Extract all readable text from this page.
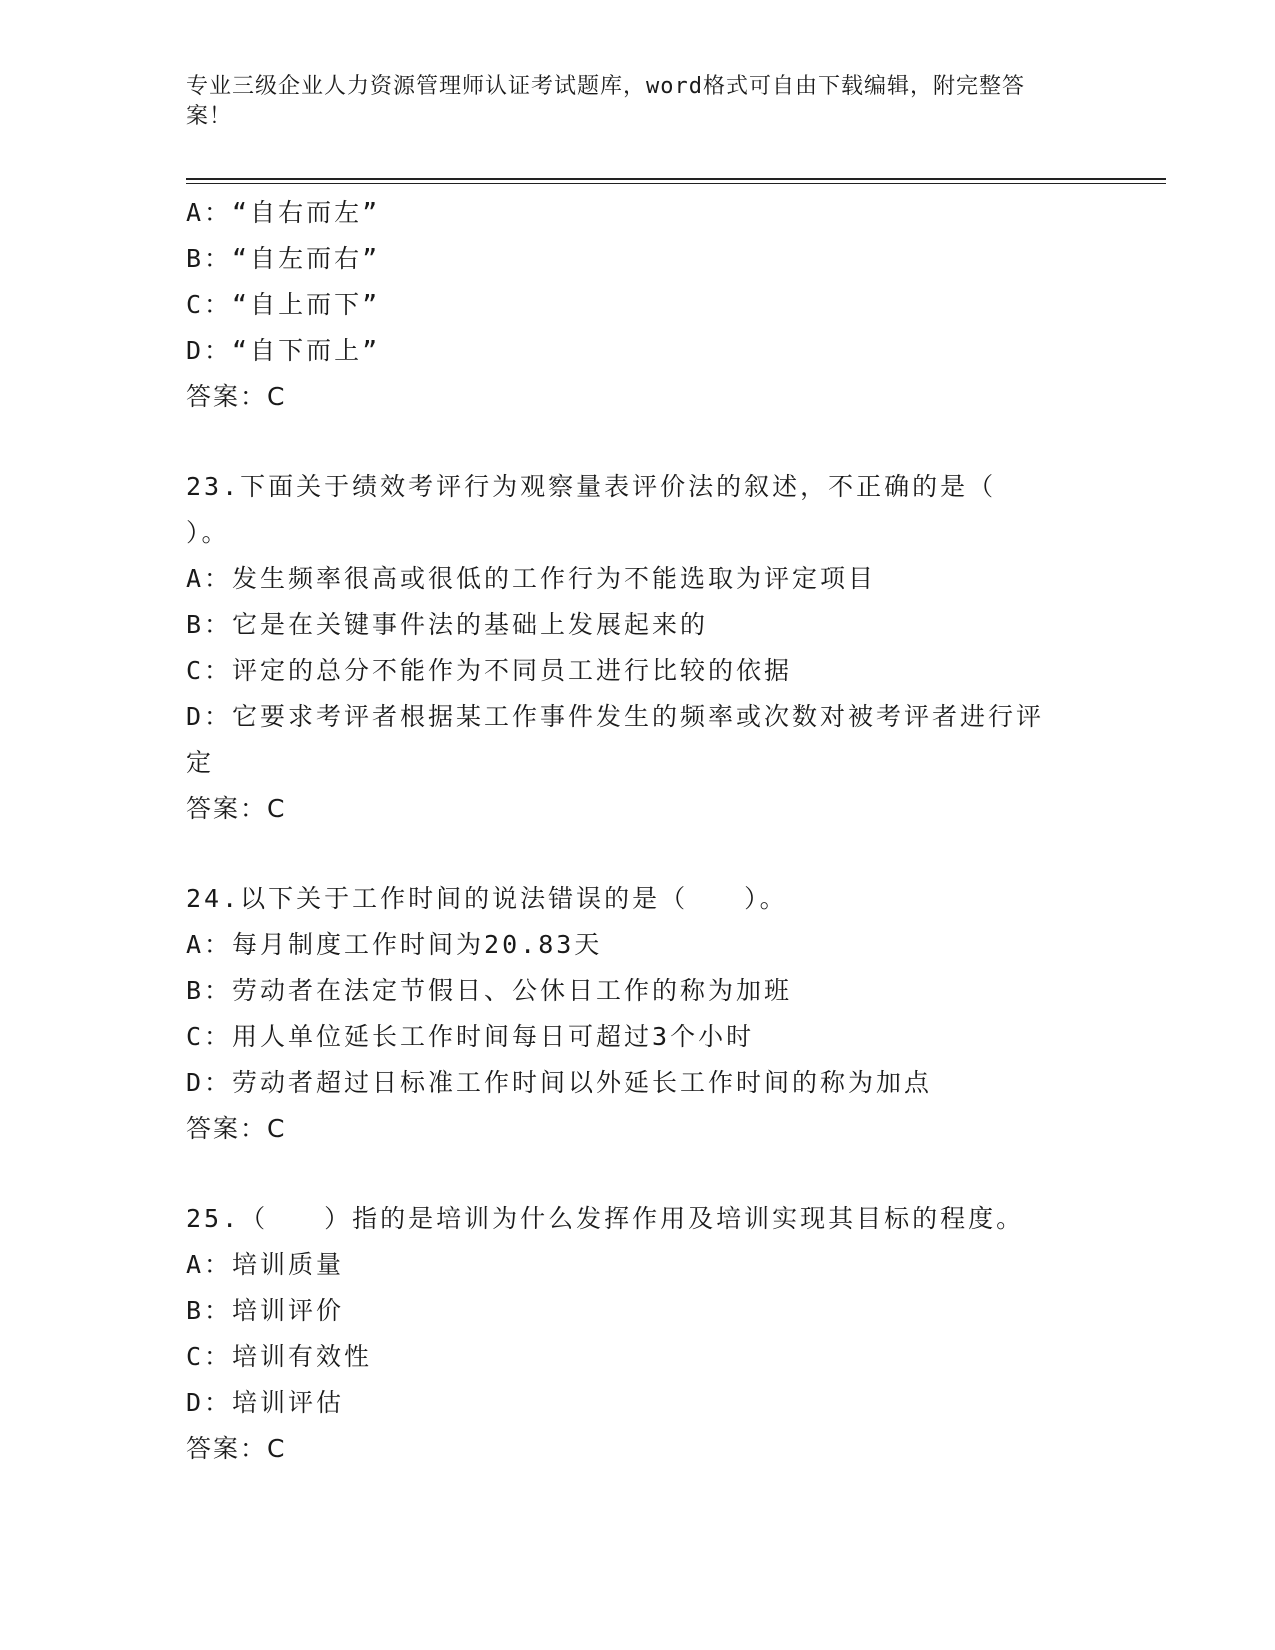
专业三级企业人力资源管理师认证考试题库，word格式可自由下载编辑，附完整答案！
A：“自右而左”
B：“自左而右”
C：“自上而下”
D：“自下而上”
答案：C
23.下面关于绩效考评行为观察量表评价法的叙述，不正确的是（
）。
A：发生频率很高或很低的工作行为不能选取为评定项目
B：它是在关键事件法的基础上发展起来的
C：评定的总分不能作为不同员工进行比较的依据
D：它要求考评者根据某工作事件发生的频率或次数对被考评者进行评定
答案：C
24.以下关于工作时间的说法错误的是（　　）。
A：每月制度工作时间为20.83天
B：劳动者在法定节假日、公休日工作的称为加班
C：用人单位延长工作时间每日可超过3个小时
D：劳动者超过日标准工作时间以外延长工作时间的称为加点
答案：C
25.（　　）指的是培训为什么发挥作用及培训实现其目标的程度。
A：培训质量
B：培训评价
C：培训有效性
D：培训评估
答案：C
